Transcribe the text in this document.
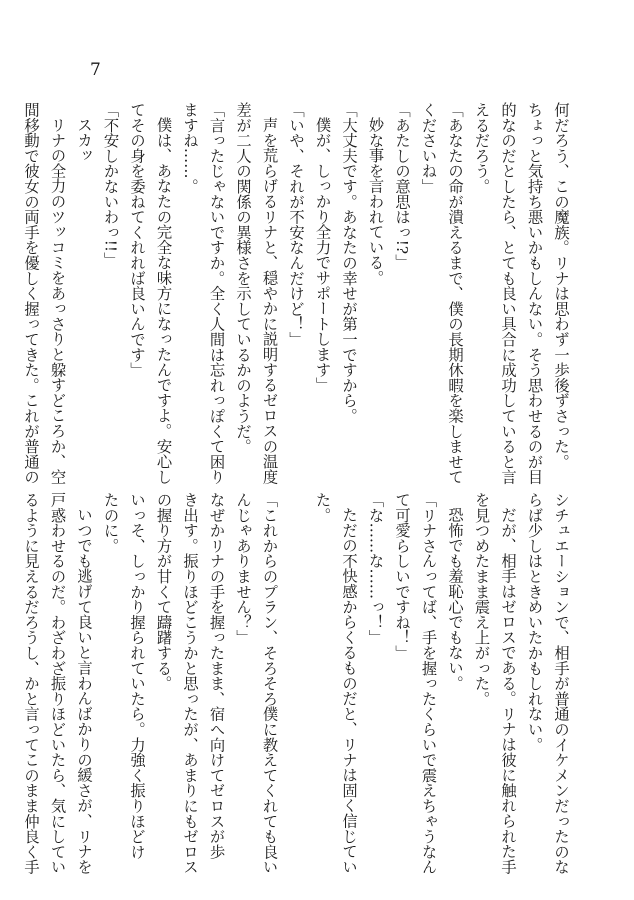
7
何だろう、この魔族。リナは思わず一歩後ずさった。
ちょっと気持ち悪いかもしんない。そう思わせるのが目
的なのだとしたら、とても良い具合に成功していると言
えるだろう。
「あなたの命が潰えるまで、僕の長期休暇を楽しませて
くださいね」
「あたしの意思はっ!?」
妙な事を言われている。
「大丈夫です。あなたの幸せが第一ですから。
僕が、しっかり全力でサポートします」
「いや、それが不安なんだけど！」
声を荒らげるリナと、穏やかに説明するゼロスの温度
差が二人の関係の異様さを示しているかのようだ。
「言ったじゃないですか。全く人間は忘れっぽくて困り
ますね……。
僕は、あなたの完全な味方になったんですよ。安心し
てその身を委ねてくれれば良いんです」
「不安しかないわっ!!」
スカッ
リナの全力のツッコミをあっさりと躱すどころか、空
間移動で彼女の両手を優しく握ってきた。これが普通の
シチュエーションで、相手が普通のイケメンだったのな
らば少しはときめいたかもしれない。
だが、相手はゼロスである。リナは彼に触れられた手
を見つめたまま震え上がった。
恐怖でも羞恥心でもない。
「リナさんってば、手を握ったくらいで震えちゃうなん
て可愛らしいですね！」
「な……な……っ！」
ただの不快感からくるものだと、リナは固く信じてい
た。

「これからのプラン、そろそろ僕に教えてくれても良い
んじゃありません？」
なぜかリナの手を握ったまま、宿へ向けてゼロスが歩
き出す。振りほどこうかと思ったが、あまりにもゼロス
の握り方が甘くて躊躇する。
いっそ、しっかり握られていたら。力強く振りほどけ
たのに。
いつでも逃げて良いと言わんばかりの緩さが、リナを
戸惑わせるのだ。わざわざ振りほどいたら、気にしてい
るように見えるだろうし、かと言ってこのまま仲良く手
